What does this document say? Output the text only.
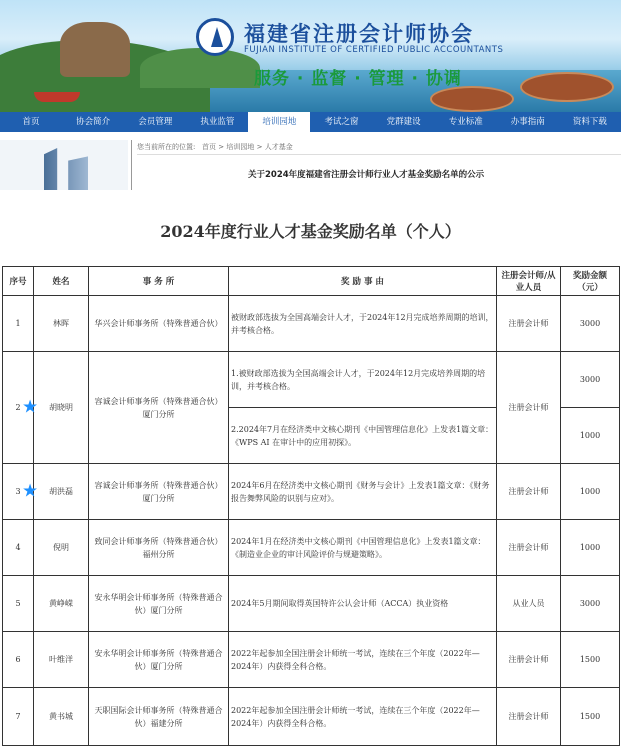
福建省注册会计师协会
FUJIAN INSTITUTE OF CERTIFIED PUBLIC ACCOUNTANTS
服务 · 监督 · 管理 · 协调
首页	协会简介	会员管理	执业监管	培训园地	考试之窗	党群建设	专业标准	办事指南	资料下载
您当前所在的位置: 首页 > 培训园地 > 人才基金
关于2024年度福建省注册会计师行业人才基金奖励名单的公示
2024年度行业人才基金奖励名单（个人）
序号	姓名	事 务 所	奖 励 事 由	注册会计师/从业人员	奖励金额（元）
1	林晖	华兴会计师事务所（特殊普通合伙）	被财政部选拔为全国高端会计人才，于2024年12月完成培养周期的培训，并考核合格。	注册会计师	3000
2	★ 胡晓明	容诚会计师事务所（特殊普通合伙）厦门分所	1.被财政部选拔为全国高端会计人才，于2024年12月完成培养周期的培训，并考核合格。	注册会计师	3000
			2.2024年7月在经济类中文核心期刊《中国管理信息化》上发表1篇文章：《WPS AI 在审计中的应用初探》。		1000
3	★ 胡洪磊	容诚会计师事务所（特殊普通合伙）厦门分所	2024年6月在经济类中文核心期刊《财务与会计》上发表1篇文章：《财务报告舞弊风险的识别与应对》。	注册会计师	1000
4	倪明	致同会计师事务所（特殊普通合伙）福州分所	2024年1月在经济类中文核心期刊《中国管理信息化》上发表1篇文章：《制造业企业的审计风险评价与规避策略》。	注册会计师	1000
5	黄峥嵘	安永华明会计师事务所（特殊普通合伙）厦门分所	2024年5月期间取得英国特许公认会计师（ACCA）执业资格	从业人员	3000
6	叶维洋	安永华明会计师事务所（特殊普通合伙）厦门分所	2022年起参加全国注册会计师统一考试，连续在三个年度（2022年—2024年）内获得全科合格。	注册会计师	1500
7	黄书城	天职国际会计师事务所（特殊普通合伙）福建分所	2022年起参加全国注册会计师统一考试，连续在三个年度（2022年—2024年）内获得全科合格。	注册会计师	1500
